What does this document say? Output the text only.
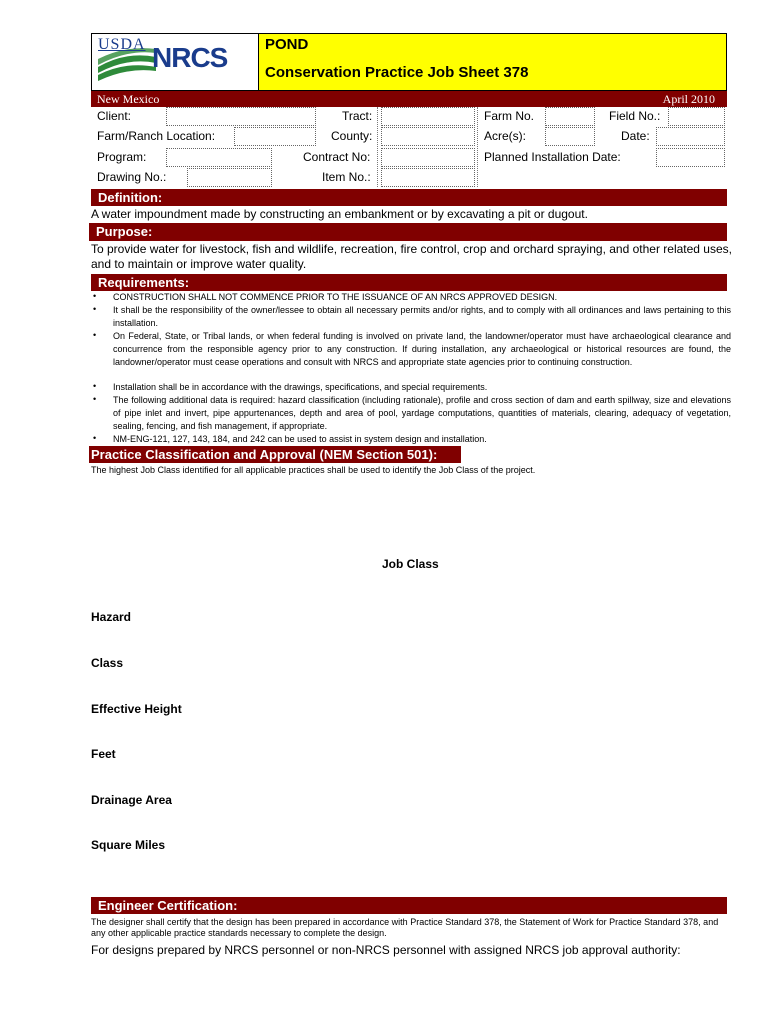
USDA NRCS	POND
Conservation Practice Job Sheet 378
New Mexico	April 2010
Client:	Tract:	Farm No.	Field No.:
Farm/Ranch Location:	County:	Acre(s):	Date:
Program:	Contract No:	Planned Installation Date:
Drawing No.:	Item No.:
Definition:
A water impoundment made by constructing an embankment or by excavating a pit or dugout.
Purpose:
To provide water for livestock, fish and wildlife, recreation, fire control, crop and orchard spraying, and other related uses, and to maintain or improve water quality.
Requirements:
• CONSTRUCTION SHALL NOT COMMENCE PRIOR TO THE ISSUANCE OF AN NRCS APPROVED DESIGN.
• It shall be the responsibility of the owner/lessee to obtain all necessary permits and/or rights, and to comply with all ordinances and laws pertaining to this installation.
• On Federal, State, or Tribal lands, or when federal funding is involved on private land, the landowner/operator must have archaeological clearance and concurrence from the responsible agency prior to any construction. If during installation, any archaeological or historical resources are found, the landowner/operator must cease operations and consult with NRCS and appropriate state agencies prior to continuing construction.
• Installation shall be in accordance with the drawings, specifications, and special requirements.
• The following additional data is required: hazard classification (including rationale), profile and cross section of dam and earth spillway, size and elevations of pipe inlet and invert, pipe appurtenances, depth and area of pool, yardage computations, quantities of materials, clearing, adequacy of vegetation, sealing, fencing, and fish management, if appropriate.
• NM-ENG-121, 127, 143, 184, and 242 can be used to assist in system design and installation.
Practice Classification and Approval (NEM Section 501):
The highest Job Class identified for all applicable practices shall be used to identify the Job Class of the project.
Job Class
Hazard
Class
Effective Height
Feet
Drainage Area
Square Miles
Engineer Certification:
The designer shall certify that the design has been prepared in accordance with Practice Standard 378, the Statement of Work for Practice Standard 378, and any other applicable practice standards necessary to complete the design.
For designs prepared by NRCS personnel or non-NRCS personnel with assigned NRCS job approval authority:
